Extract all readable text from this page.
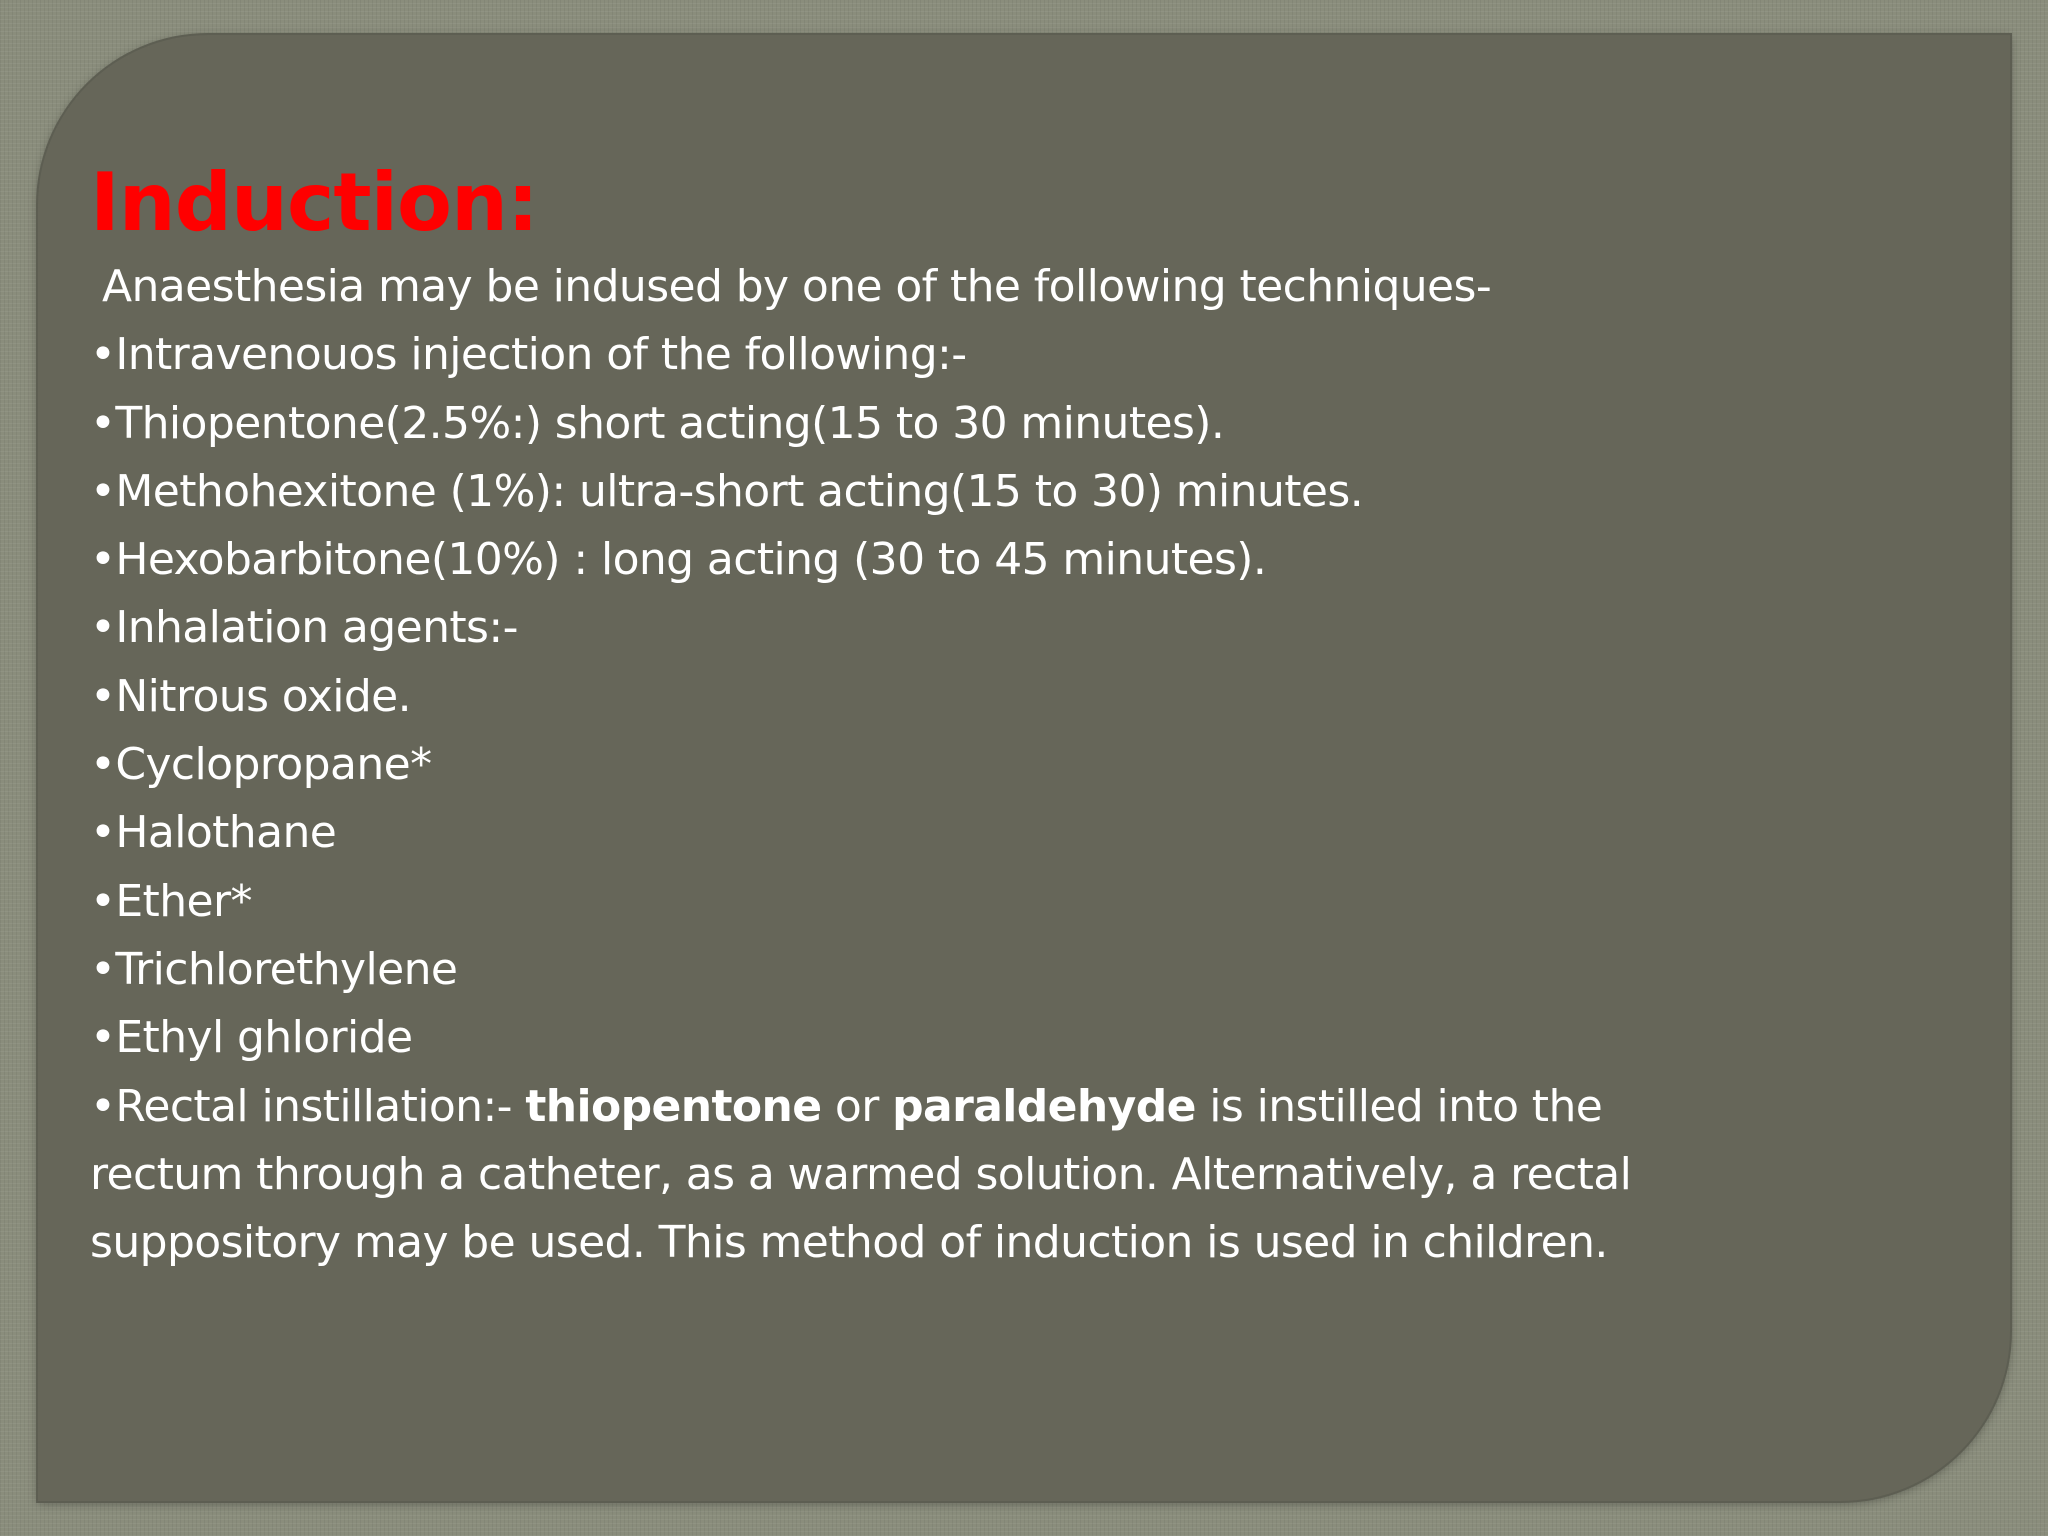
Induction:
Anaesthesia may be indused by one of the following techniques-
•Intravenouos injection of the following:-
•Thiopentone(2.5%:) short acting(15 to 30 minutes).
•Methohexitone (1%): ultra-short acting(15 to 30) minutes.
•Hexobarbitone(10%) : long acting (30 to 45 minutes).
•Inhalation agents:-
•Nitrous oxide.
•Cyclopropane*
•Halothane
•Ether*
•Trichlorethylene
•Ethyl ghloride
•Rectal instillation:- thiopentone or paraldehyde is instilled into the rectum through a catheter, as a warmed solution. Alternatively, a rectal suppository may be used. This method of induction is used in children.
